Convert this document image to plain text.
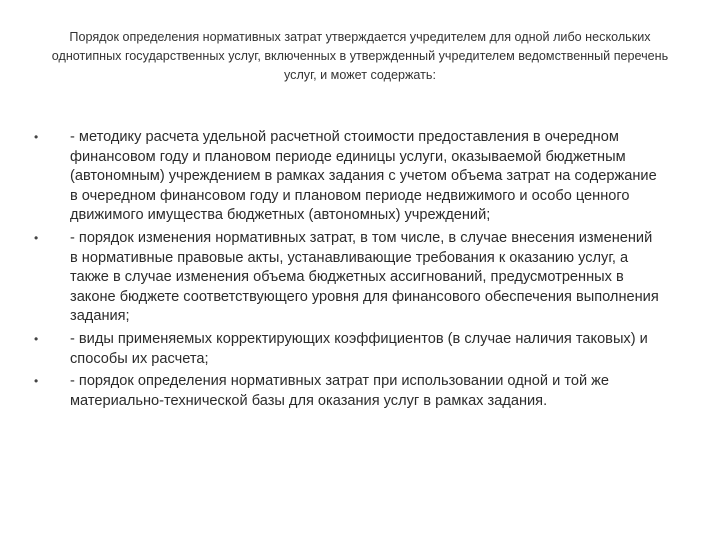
Порядок определения нормативных затрат утверждается учредителем для одной либо нескольких однотипных государственных услуг, включенных в утвержденный учредителем ведомственный перечень услуг, и может содержать:

• - методику расчета удельной расчетной стоимости предоставления в очередном финансовом году и плановом периоде единицы услуги, оказываемой бюджетным (автономным) учреждением в рамках задания с учетом объема затрат на содержание в очередном финансовом году и плановом периоде недвижимого и особо ценного движимого имущества бюджетных (автономных) учреждений;
• - порядок изменения нормативных затрат, в том числе, в случае внесения изменений в нормативные правовые акты, устанавливающие требования к оказанию услуг, а также в случае изменения объема бюджетных ассигнований, предусмотренных в законе бюджете соответствующего уровня для финансового обеспечения выполнения задания;
• - виды применяемых корректирующих коэффициентов (в случае наличия таковых) и способы их расчета;
• - порядок определения нормативных затрат при использовании одной и той же материально-технической базы для оказания услуг в рамках задания.
